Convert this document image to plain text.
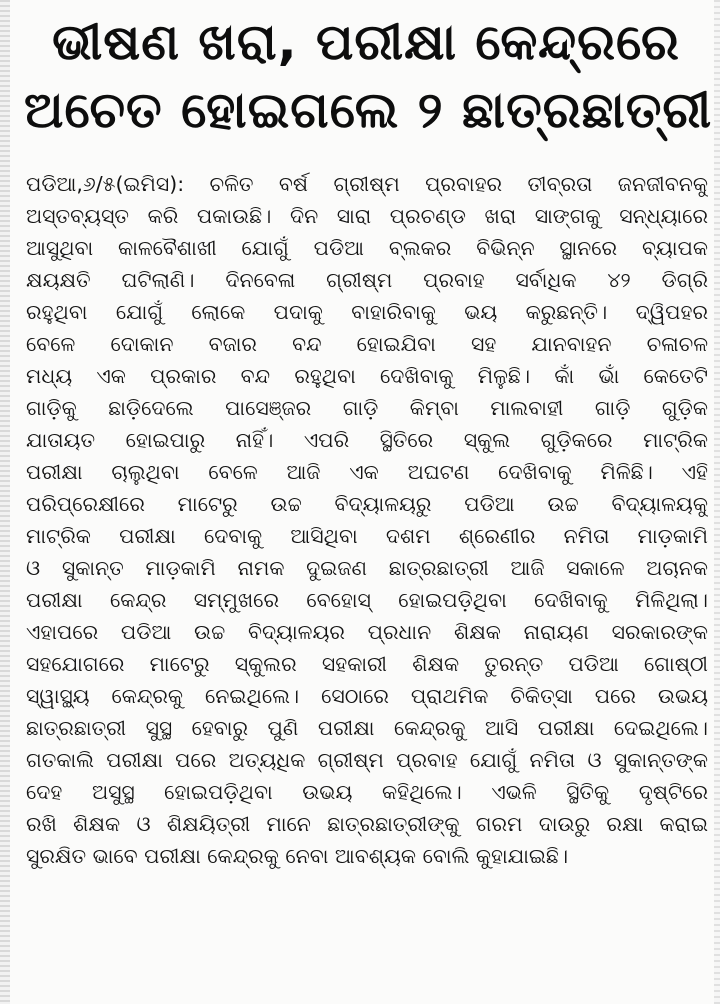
ଭୀଷଣ ଖରା, ପରୀକ୍ଷା କେନ୍ଦ୍ରରେ
ଅଚେତ ହୋଇଗଲେ ୨ ଛାତ୍ରଛାତ୍ରୀ
ପଡିଆ,୬/୫(ଇମିସ): ଚଳିତ ବର୍ଷ ଗ୍ରୀଷ୍ମ ପ୍ରବାହର ତୀବ୍ରତା ଜନଜୀବନକୁ
ଅସ୍ତବ୍ୟସ୍ତ କରି ପକାଉଛି। ଦିନ ସାରା ପ୍ରଚଣ୍ଡ ଖରା ସାଙ୍ଗକୁ ସନ୍ଧ୍ୟାରେ
ଆସୁଥିବା କାଳବୈଶାଖୀ ଯୋଗୁଁ ପଡିଆ ବ୍ଲକର ବିଭିନ୍ନ ସ୍ଥାନରେ ବ୍ୟାପକ
କ୍ଷୟକ୍ଷତି ଘଟିଲାଣି। ଦିନବେଳା ଗ୍ରୀଷ୍ମ ପ୍ରବାହ ସର୍ବାଧିକ ୪୨ ଡିଗ୍ରି
ରହୁଥିବା ଯୋଗୁଁ ଲୋକେ ପଦାକୁ ବାହାରିବାକୁ ଭୟ କରୁଛନ୍ତି। ଦ୍ୱିପହର
ବେଳେ ଦୋକାନ ବଜାର ବନ୍ଦ ହୋଇଯିବା ସହ ଯାନବାହନ ଚଳାଚଳ
ମଧ୍ୟ ଏକ ପ୍ରକାର ବନ୍ଦ ରହୁଥିବା ଦେଖିବାକୁ ମିଳୁଛି। କାଁ ଭାଁ କେତେଟି
ଗାଡ଼ିକୁ ଛାଡ଼ିଦେଲେ ପାସେଞ୍ଜର ଗାଡ଼ି କିମ୍ବା ମାଲବାହୀ ଗାଡ଼ି ଗୁଡ଼ିକ
ଯାତାୟତ ହୋଇପାରୁ ନାହିଁ। ଏପରି ସ୍ଥିତିରେ ସ୍କୁଲ ଗୁଡ଼ିକରେ ମାଟ୍ରିକ
ପରୀକ୍ଷା ଚାଲୁଥିବା ବେଳେ ଆଜି ଏକ ଅଘଟଣ ଦେଖିବାକୁ ମିଳିଛି। ଏହି
ପରିପ୍ରେକ୍ଷୀରେ ମାଟେରୁ ଉଚ୍ଚ ବିଦ୍ୟାଳୟରୁ ପଡିଆ ଉଚ୍ଚ ବିଦ୍ୟାଳୟକୁ
ମାଟ୍ରିକ ପରୀକ୍ଷା ଦେବାକୁ ଆସିଥିବା ଦଶମ ଶ୍ରେଣୀର ନମିତା ମାଡ଼କାମି
ଓ ସୁକାନ୍ତ ମାଡ଼କାମି ନାମକ ଦୁଇଜଣ ଛାତ୍ରଛାତ୍ରୀ ଆଜି ସକାଳେ ଅଚାନକ
ପରୀକ୍ଷା କେନ୍ଦ୍ର ସମ୍ମୁଖରେ ବେହୋସ୍ ହୋଇପଡ଼ିଥିବା ଦେଖିବାକୁ ମିଳିଥିଲା।
ଏହାପରେ ପଡିଆ ଉଚ୍ଚ ବିଦ୍ୟାଳୟର ପ୍ରଧାନ ଶିକ୍ଷକ ନାରାୟଣ ସରକାରଙ୍କ
ସହଯୋଗରେ ମାଟେରୁ ସ୍କୁଲର ସହକାରୀ ଶିକ୍ଷକ ତୁରନ୍ତ ପଡିଆ ଗୋଷ୍ଠୀ
ସ୍ୱାସ୍ଥ୍ୟ କେନ୍ଦ୍ରକୁ ନେଇଥିଲେ। ସେଠାରେ ପ୍ରାଥମିକ ଚିକିତ୍ସା ପରେ ଉଭୟ
ଛାତ୍ରଛାତ୍ରୀ ସୁସ୍ଥ ହେବାରୁ ପୁଣି ପରୀକ୍ଷା କେନ୍ଦ୍ରକୁ ଆସି ପରୀକ୍ଷା ଦେଇଥିଲେ।
ଗତକାଲି ପରୀକ୍ଷା ପରେ ଅତ୍ୟଧିକ ଗ୍ରୀଷ୍ମ ପ୍ରବାହ ଯୋଗୁଁ ନମିତା ଓ ସୁକାନ୍ତଙ୍କ
ଦେହ ଅସୁସ୍ଥ ହୋଇପଡ଼ିଥିବା ଉଭୟ କହିଥିଲେ। ଏଭଳି ସ୍ଥିତିକୁ ଦୃଷ୍ଟିରେ
ରଖି ଶିକ୍ଷକ ଓ ଶିକ୍ଷୟିତ୍ରୀ ମାନେ ଛାତ୍ରଛାତ୍ରୀଙ୍କୁ ଗରମ ଦାଉରୁ ରକ୍ଷା କରାଇ
ସୁରକ୍ଷିତ ଭାବେ ପରୀକ୍ଷା କେନ୍ଦ୍ରକୁ ନେବା ଆବଶ୍ୟକ ବୋଲି କୁହାଯାଇଛି।
